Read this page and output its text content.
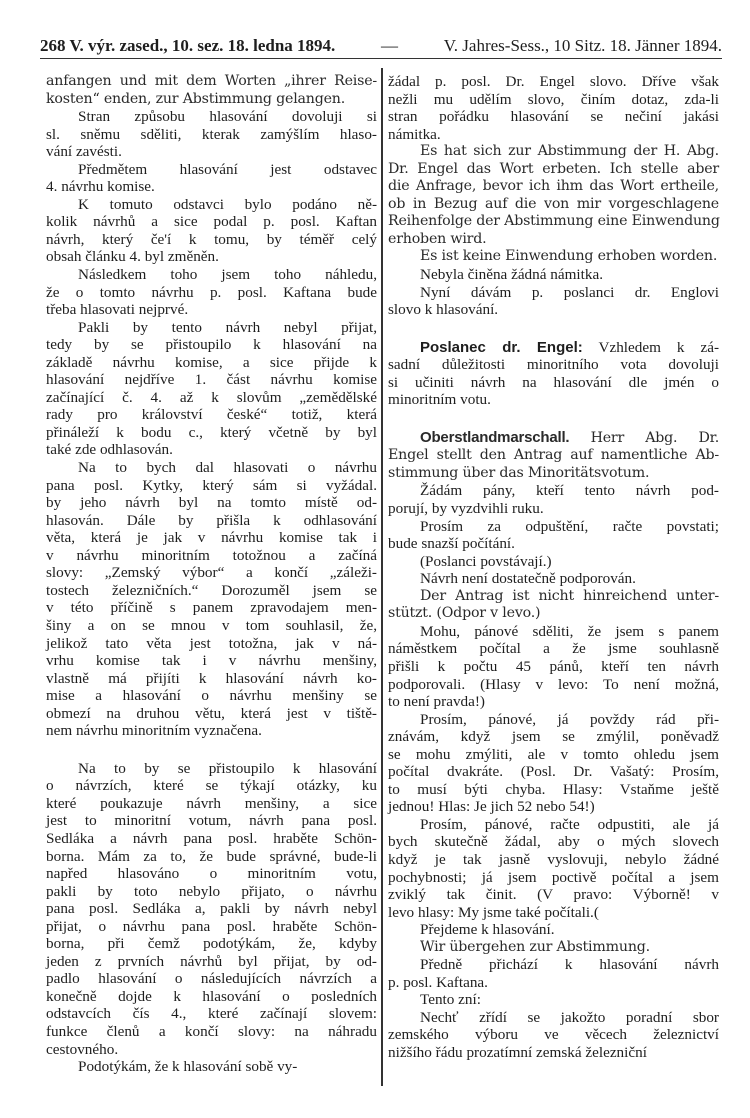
268 V. výr. zased., 10. sez. 18. ledna 1894.	—	V. Jahres-Sess., 10 Sitz. 18. Jänner 1894.
anfangen und mit dem Worten „ihrer Reise-
kosten“ enden, zur Abstimmung gelangen.
Stran způsobu hlasování dovoluji si
sl. sněmu sděliti, kterak zamýšlím hlaso-
vání zavésti.
Předmětem hlasování jest odstavec
4. návrhu komise.
K tomuto odstavci bylo podáno ně-
kolik návrhů a sice podal p. posl. Kaftan
návrh, který če'í k tomu, by téměř celý
obsah článku 4. byl změněn.
Následkem toho jsem toho náhledu,
že o tomto návrhu p. posl. Kaftana bude
třeba hlasovati nejprvé.
Pakli by tento návrh nebyl přijat,
tedy by se přistoupilo k hlasování na
základě návrhu komise, a sice přijde k
hlasování nejdříve 1. část návrhu komise
začínající č. 4. až k slovům „zemědělské
rady pro království české“ totiž, která
přináleží k bodu c., který včetně by byl
také zde odhlasován.
Na to bych dal hlasovati o návrhu
pana posl. Kytky, který sám si vyžádal.
by jeho návrh byl na tomto místě od-
hlasován. Dále by přišla k odhlasování
věta, která je jak v návrhu komise tak i
v návrhu minoritním totožnou a začíná
slovy: „Zemský výbor“ a končí „záleži-
tostech železničních.“ Dorozuměl jsem se
v této příčině s panem zpravodajem men-
šiny a on se mnou v tom souhlasil, že,
jelikož tato věta jest totožna, jak v ná-
vrhu komise tak i v návrhu menšiny,
vlastně má přijíti k hlasování návrh ko-
mise a hlasování o návrhu menšiny se
obmezí na druhou větu, která jest v tiště-
nem návrhu minoritním vyznačena.
Na to by se přistoupilo k hlasování
o návrzích, které se týkají otázky, ku
které poukazuje návrh menšiny, a sice
jest to minoritní votum, návrh pana posl.
Sedláka a návrh pana posl. hraběte Schön-
borna. Mám za to, že bude správné, bude-li
napřed hlasováno o minoritním votu,
pakli by toto nebylo přijato, o návrhu
pana posl. Sedláka a, pakli by návrh nebyl
přijat, o návrhu pana posl. hraběte Schön-
borna, při čemž podotýkám, že, kdyby
jeden z prvních návrhů byl přijat, by od-
padlo hlasování o následujících návrzích a
konečně dojde k hlasování o posledních
odstavcích čís 4., které začínají slovem:
funkce členů a končí slovy: na náhradu
cestovného.
Podotýkám, že k hlasování sobě vy-
žádal p. posl. Dr. Engel slovo. Dříve však
nežli mu udělím slovo, činím dotaz, zda-li
stran pořádku hlasování se nečiní jakási
námitka.
Es hat sich zur Abstimmung der H. Abg.
Dr. Engel das Wort erbeten. Ich stelle aber
die Anfrage, bevor ich ihm das Wort ertheile,
ob in Bezug auf die von mir vorgeschlagene
Reihenfolge der Abstimmung eine Einwendung
erhoben wird.
Es ist keine Einwendung erhoben worden.
Nebyla činěna žádná námitka.
Nyní dávám p. poslanci dr. Englovi
slovo k hlasování.
Poslanec dr. Engel: Vzhledem k zá-
sadní důležitosti minoritního vota dovoluji
si učiniti návrh na hlasování dle jmén o
minoritním votu.
Oberstlandmarschall. Herr Abg. Dr.
Engel stellt den Antrag auf namentliche Ab-
stimmung über das Minoritätsvotum.
Žádám pány, kteří tento návrh pod-
porují, by vyzdvihli ruku.
Prosím za odpuštění, račte povstati;
bude snazší počítání.
(Poslanci povstávají.)
Návrh není dostatečně podporován.
Der Antrag ist nicht hinreichend unter-
stützt. (Odpor v levo.)
Mohu, pánové sděliti, že jsem s panem
náměstkem počítal a že jsme souhlasně
přišli k počtu 45 pánů, kteří ten návrh
podporovali. (Hlasy v levo: To není možná,
to není pravda!)
Prosím, pánové, já povždy rád při-
znávám, když jsem se zmýlil, poněvadž
se mohu zmýliti, ale v tomto ohledu jsem
počítal dvakráte. (Posl. Dr. Vašatý: Prosím,
to musí býti chyba. Hlasy: Vstaňme ještě
jednou! Hlas: Je jich 52 nebo 54!)
Prosím, pánové, račte odpustiti, ale já
bych skutečně žádal, aby o mých slovech
když je tak jasně vyslovuji, nebylo žádné
pochybnosti; já jsem poctivě počítal a jsem
zviklý tak činit. (V pravo: Výborně! v
levo hlasy: My jsme také počítali.(
Přejdeme k hlasování.
Wir übergehen zur Abstimmung.
Předně přichází k hlasování návrh
p. posl. Kaftana.
Tento zní:
Nechť zřídí se jakožto poradní sbor
zemského výboru ve věcech železnictví
nižšího řádu prozatímní zemská železniční
